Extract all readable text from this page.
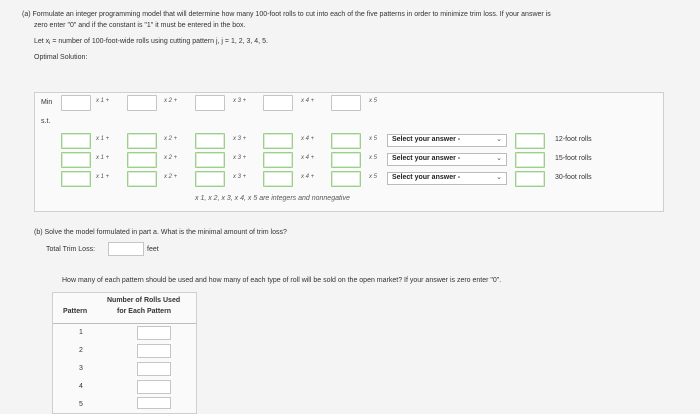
(a) Formulate an integer programming model that will determine how many 100-foot rolls to cut into each of the five patterns in order to minimize trim loss. If your answer is
zero enter "0" and if the constant is "1" it must be entered in the box.
Let xⱼ = number of 100-foot-wide rolls using cutting pattern j, j = 1, 2, 3, 4, 5.
Optimal Solution:
Min	x 1 +	x 2 +	x 3 +	x 4 +	x 5
s.t.
x 1 +	x 2 +	x 3 +	x 4 +	x 5	Select your answer -	⌄	12-foot rolls
x 1 +	x 2 +	x 3 +	x 4 +	x 5	Select your answer -	⌄	15-foot rolls
x 1 +	x 2 +	x 3 +	x 4 +	x 5	Select your answer -	⌄	30-foot rolls
x 1, x 2, x 3, x 4, x 5 are integers and nonnegative
(b) Solve the model formulated in part a. What is the minimal amount of trim loss?
Total Trim Loss:	feet
How many of each pattern should be used and how many of each type of roll will be sold on the open market? If your answer is zero enter "0".
Number of Rolls Used
for Each Pattern
Pattern
1
2
3
4
5
